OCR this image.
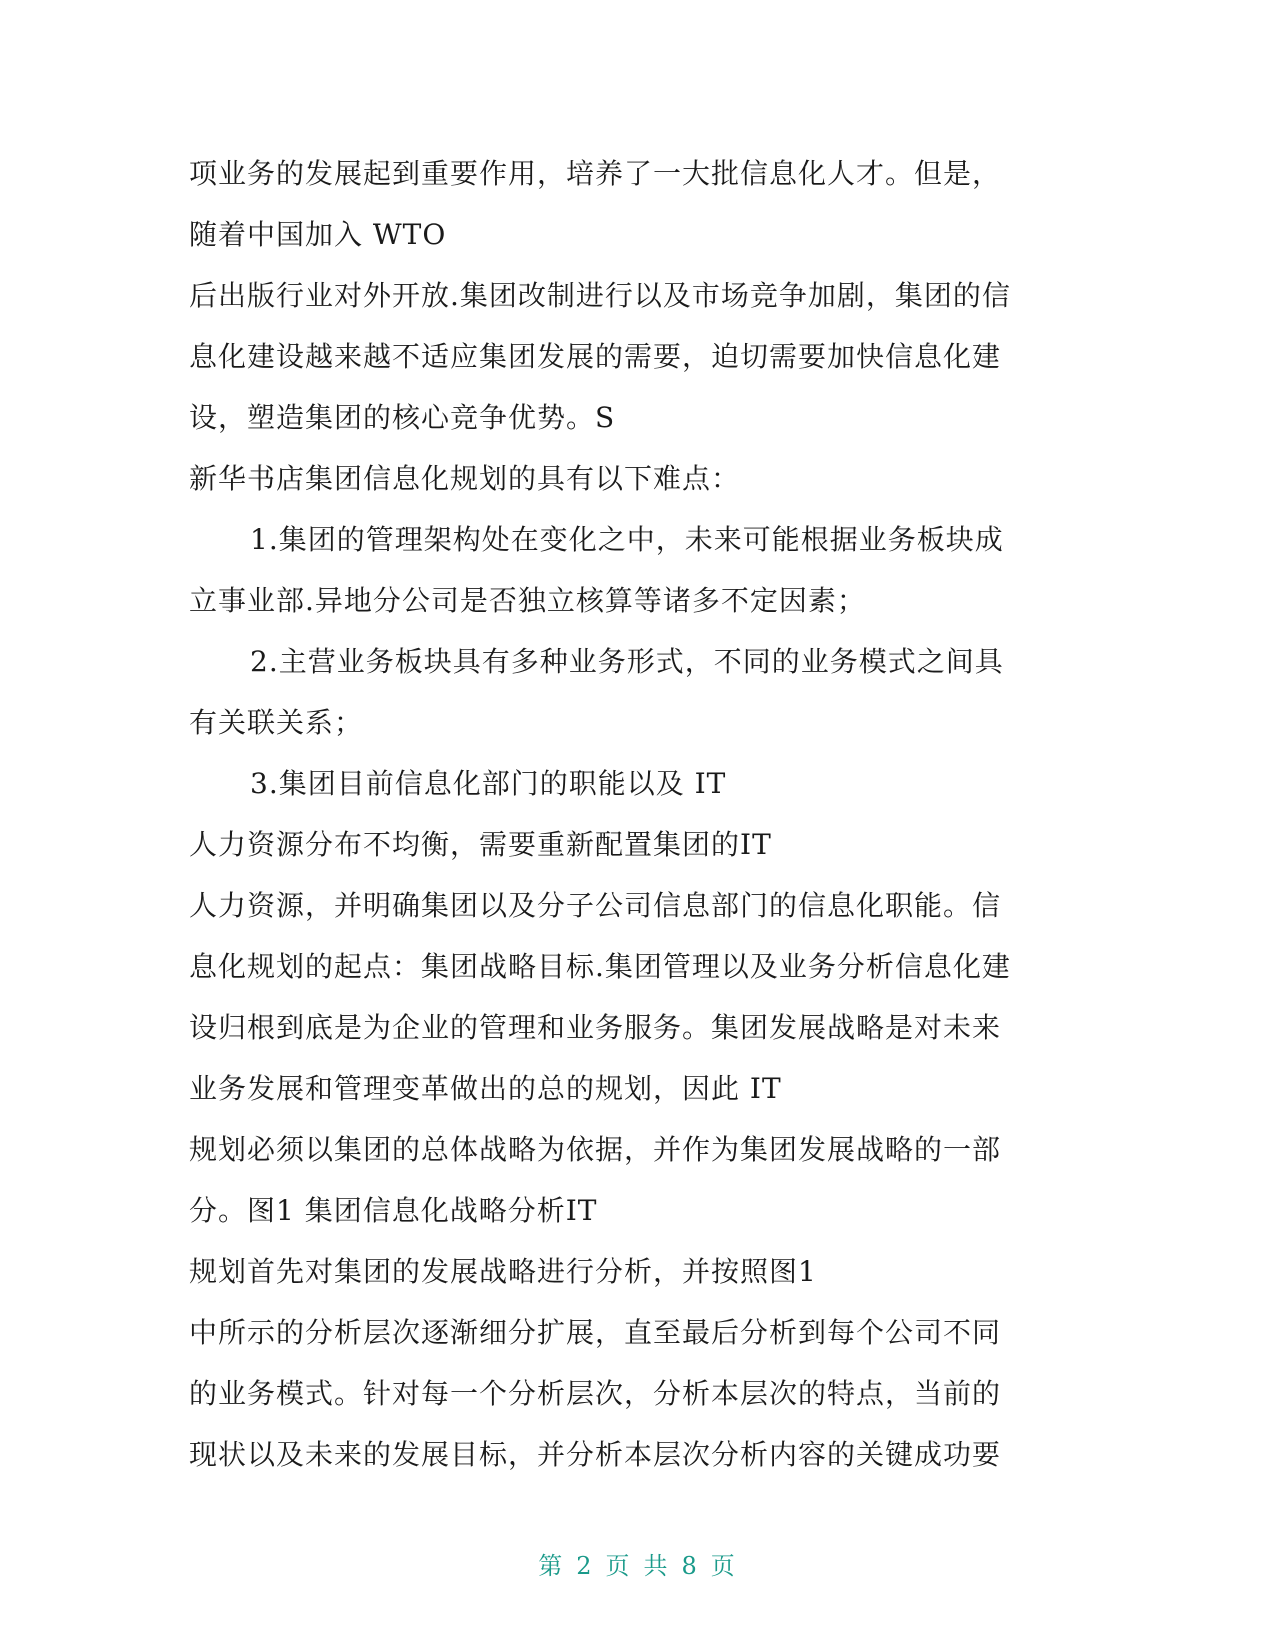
项业务的发展起到重要作用，培养了一大批信息化人才。但是，
随着中国加入 WTO
后出版行业对外开放.集团改制进行以及市场竞争加剧，集团的信
息化建设越来越不适应集团发展的需要，迫切需要加快信息化建
设，塑造集团的核心竞争优势。S
新华书店集团信息化规划的具有以下难点：
1.集团的管理架构处在变化之中，未来可能根据业务板块成
立事业部.异地分公司是否独立核算等诸多不定因素；
2.主营业务板块具有多种业务形式，不同的业务模式之间具
有关联关系；
3.集团目前信息化部门的职能以及 IT
人力资源分布不均衡，需要重新配置集团的IT
人力资源，并明确集团以及分子公司信息部门的信息化职能。信
息化规划的起点：集团战略目标.集团管理以及业务分析信息化建
设归根到底是为企业的管理和业务服务。集团发展战略是对未来
业务发展和管理变革做出的总的规划，因此 IT
规划必须以集团的总体战略为依据，并作为集团发展战略的一部
分。图1 集团信息化战略分析IT
规划首先对集团的发展战略进行分析，并按照图1
中所示的分析层次逐渐细分扩展，直至最后分析到每个公司不同
的业务模式。针对每一个分析层次，分析本层次的特点，当前的
现状以及未来的发展目标，并分析本层次分析内容的关键成功要
第 2 页 共 8 页
